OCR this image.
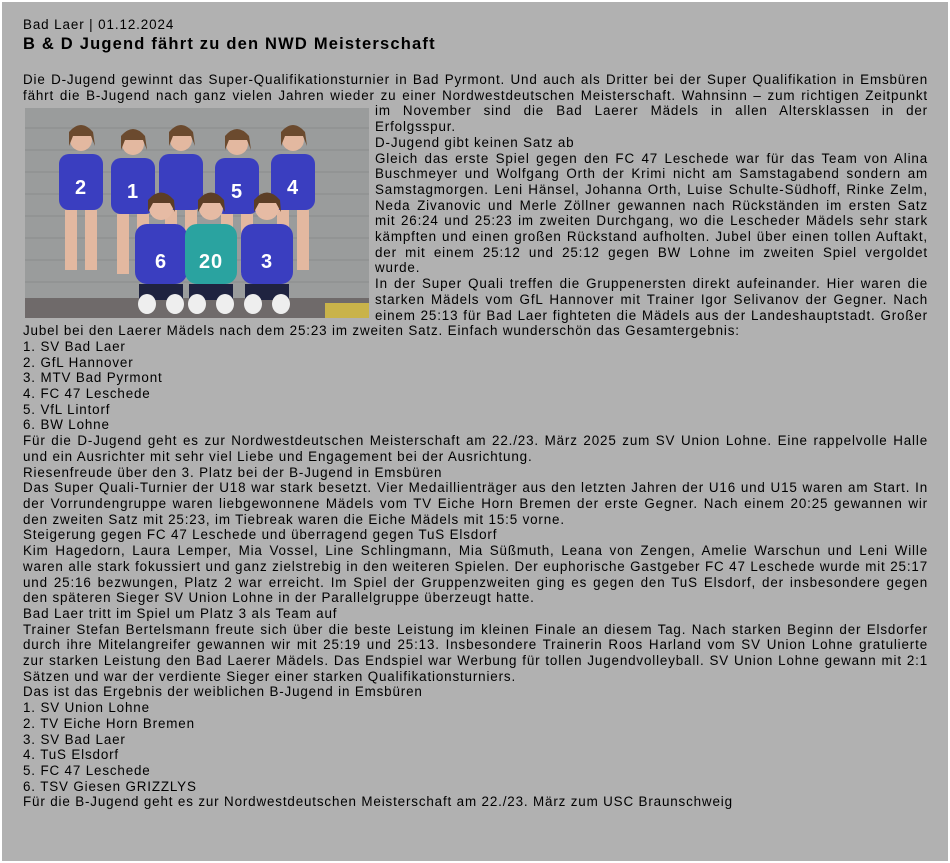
Bad Laer | 01.12.2024
B & D Jugend fährt zu den NWD Meisterschaft

Die D-Jugend gewinnt das Super-Qualifikationsturnier in Bad Pyrmont. Und auch als Dritter bei der Super Qualifikation in Emsbüren fährt die B-Jugend nach ganz vielen Jahren wieder zu einer Nordwestdeutschen Meisterschaft. Wahnsinn –
2 1	5 4
6 20 3
zum richtigen Zeitpunkt im November sind die Bad Laerer Mädels in allen Altersklassen in der Erfolgsspur.

D-Jugend gibt keinen Satz ab

Gleich das erste Spiel gegen den FC 47 Leschede war für das Team von Alina Buschmeyer und Wolfgang Orth der Krimi nicht am Samstagabend sondern am Samstagmorgen. Leni Hänsel, Johanna Orth, Luise Schulte-Südhoff, Rinke Zelm, Neda Zivanovic und Merle Zöllner gewannen nach Rückständen im ersten Satz mit 26:24 und 25:23 im zweiten Durchgang, wo die Lescheder Mädels sehr stark kämpften und einen großen Rückstand aufholten. Jubel über einen tollen Auftakt, der mit einem 25:12 und 25:12 gegen BW Lohne im zweiten Spiel vergoldet wurde.

In der Super Quali treffen die Gruppenersten direkt aufeinander. Hier waren die starken Mädels vom GfL Hannover mit Trainer Igor Selivanov der Gegner. Nach einem 25:13 für Bad Laer fighteten die Mädels aus der Landeshauptstadt. Großer Jubel bei den Laerer Mädels nach dem 25:23 im zweiten Satz. Einfach wunderschön das Gesamtergebnis:

1. SV Bad Laer

2. GfL Hannover

3. MTV Bad Pyrmont

4. FC 47 Leschede

5. VfL Lintorf

6. BW Lohne

Für die D-Jugend geht es zur Nordwestdeutschen Meisterschaft am 22./23. März 2025 zum SV Union Lohne. Eine rappelvolle Halle und ein Ausrichter mit sehr viel Liebe und Engagement bei der Ausrichtung.

Riesenfreude über den 3. Platz bei der B-Jugend in Emsbüren

Das Super Quali-Turnier der U18 war stark besetzt. Vier Medaillienträger aus den letzten Jahren der U16 und U15 waren am Start. In der Vorrundengruppe waren liebgewonnene Mädels vom TV Eiche Horn Bremen der erste Gegner. Nach einem 20:25 gewannen wir den zweiten Satz mit 25:23, im Tiebreak waren die Eiche Mädels mit 15:5 vorne.

Steigerung gegen FC 47 Leschede und überragend gegen TuS Elsdorf

Kim Hagedorn, Laura Lemper, Mia Vossel, Line Schlingmann, Mia Süßmuth, Leana von Zengen, Amelie Warschun und Leni Wille waren alle stark fokussiert und ganz zielstrebig in den weiteren Spielen. Der euphorische Gastgeber FC 47 Leschede wurde mit 25:17 und 25:16 bezwungen, Platz 2 war erreicht. Im Spiel der Gruppenzweiten ging es gegen den TuS Elsdorf, der insbesondere gegen den späteren Sieger SV Union Lohne in der Parallelgruppe überzeugt hatte.

Bad Laer tritt im Spiel um Platz 3 als Team auf

Trainer Stefan Bertelsmann freute sich über die beste Leistung im kleinen Finale an diesem Tag. Nach starken Beginn der Elsdorfer durch ihre Mitelangreifer gewannen wir mit 25:19 und 25:13. Insbesondere Trainerin Roos Harland vom SV Union Lohne gratulierte zur starken Leistung den Bad Laerer Mädels. Das Endspiel war Werbung für tollen Jugendvolleyball. SV Union Lohne gewann mit 2:1 Sätzen und war der verdiente Sieger einer starken Qualifikationsturniers.

Das ist das Ergebnis der weiblichen B-Jugend in Emsbüren

1. SV Union Lohne

2. TV Eiche Horn Bremen

3. SV Bad Laer

4. TuS Elsdorf

5. FC 47 Leschede

6. TSV Giesen GRIZZLYS

Für die B-Jugend geht es zur Nordwestdeutschen Meisterschaft am 22./23. März zum USC Braunschweig
